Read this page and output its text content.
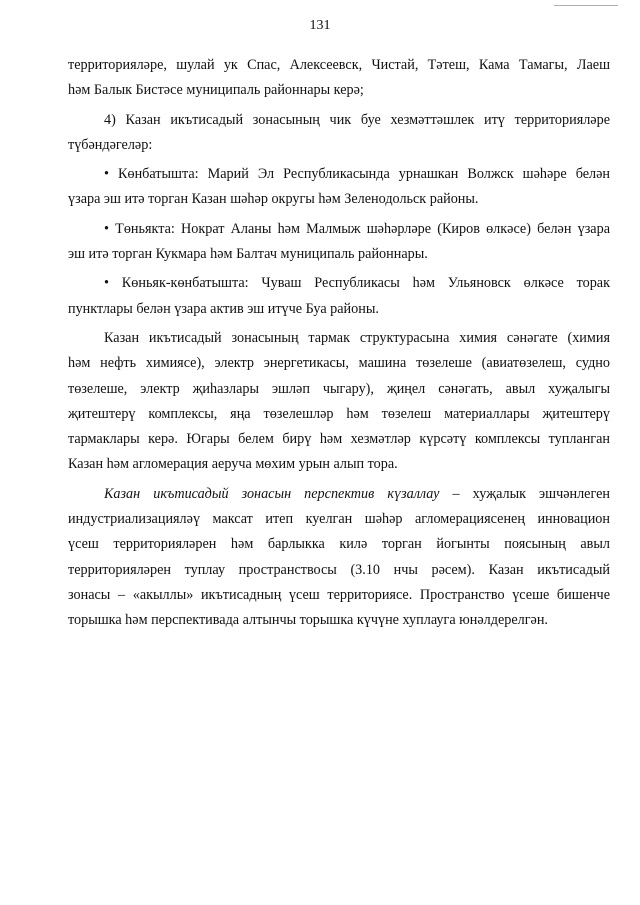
131
территорияләре, шулай ук Спас, Алексеевск, Чистай, Тәтеш, Кама Тамагы, Лаеш
һәм Балык Бистәсе муниципаль районнары керә;
4) Казан икътисадый зонасының чик буе хезмәттәшлек итү территорияләре
түбәндәгеләр:
• Көнбатышта: Марий Эл Республикасында урнашкан Волжск шәһәре белән
үзара эш итә торган Казан шәһәр округы һәм Зеленодольск районы.
• Төньякта: Нократ Аланы һәм Малмыж шәһәрләре (Киров өлкәсе) белән үзара
эш итә торган Кукмара һәм Балтач муниципаль районнары.
• Көньяк-көнбатышта: Чуваш Республикасы һәм Ульяновск өлкәсе торак
пунктлары белән үзара актив эш итүче Буа районы.
Казан икътисадый зонасының тармак структурасына химия сәнәгате (химия
һәм нефть химиясе), электр энергетикасы, машина төзелеше (авиатөзелеш, судно
төзелеше, электр җиһазлары эшләп чыгару), җиңел сәнәгать, авыл хуҗалыгы
җитештерү комплексы, яңа төзелешләр һәм төзелеш материаллары җитештерү
тармаклары керә. Югары белем бирү һәм хезмәтләр күрсәтү комплексы тупланган
Казан һәм агломерация аеруча мөхим урын алып тора.
Казан икътисадый зонасын перспектив күзаллау – хуҗалык эшчәнлеген
индустриализацияләү максат итеп куелган шәһәр агломерациясенең инновацион
үсеш территорияләрен һәм барлыкка килә торган йогынты поясының авыл
территорияләрен туплау пространствосы (3.10 нчы рәсем). Казан икътисадый
зонасы – «акыллы» икътисадның үсеш территориясе. Пространство үсеше бишенче
торышка һәм перспективада алтынчы торышка күчүне хуплауга юнәлдерелгән.
